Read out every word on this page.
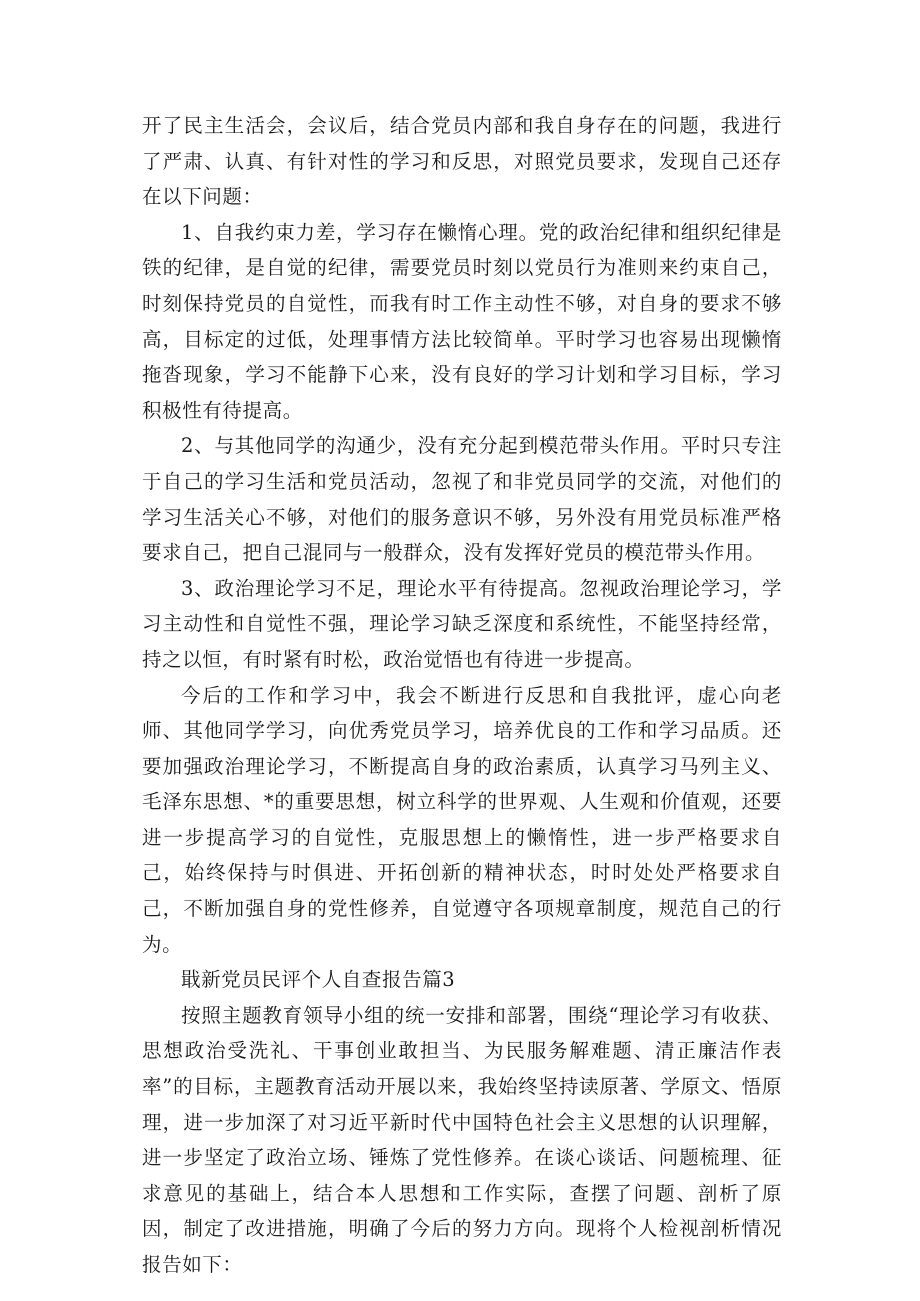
开了民主生活会，会议后，结合党员内部和我自身存在的问题，我进行了严肃、认真、有针对性的学习和反思，对照党员要求，发现自己还存在以下问题：

1、自我约束力差，学习存在懒惰心理。党的政治纪律和组织纪律是铁的纪律，是自觉的纪律，需要党员时刻以党员行为准则来约束自己，时刻保持党员的自觉性，而我有时工作主动性不够，对自身的要求不够高，目标定的过低，处理事情方法比较简单。平时学习也容易出现懒惰拖沓现象，学习不能静下心来，没有良好的学习计划和学习目标，学习积极性有待提高。

2、与其他同学的沟通少，没有充分起到模范带头作用。平时只专注于自己的学习生活和党员活动，忽视了和非党员同学的交流，对他们的学习生活关心不够，对他们的服务意识不够，另外没有用党员标准严格要求自己，把自己混同与一般群众，没有发挥好党员的模范带头作用。

3、政治理论学习不足，理论水平有待提高。忽视政治理论学习，学习主动性和自觉性不强，理论学习缺乏深度和系统性，不能坚持经常，持之以恒，有时紧有时松，政治觉悟也有待进一步提高。

今后的工作和学习中，我会不断进行反思和自我批评，虚心向老师、其他同学学习，向优秀党员学习，培养优良的工作和学习品质。还要加强政治理论学习，不断提高自身的政治素质，认真学习马列主义、毛泽东思想、*的重要思想，树立科学的世界观、人生观和价值观，还要进一步提高学习的自觉性，克服思想上的懒惰性，进一步严格要求自己，始终保持与时俱进、开拓创新的精神状态，时时处处严格要求自己，不断加强自身的党性修养，自觉遵守各项规章制度，规范自己的行为。

戢新党员民评个人自查报告篇3

按照主题教育领导小组的统一安排和部署，围绕“理论学习有收获、思想政治受洗礼、干事创业敢担当、为民服务解难题、清正廉洁作表率”的目标，主题教育活动开展以来，我始终坚持读原著、学原文、悟原理，进一步加深了对习近平新时代中国特色社会主义思想的认识理解，进一步坚定了政治立场、锤炼了党性修养。在谈心谈话、问题梳理、征求意见的基础上，结合本人思想和工作实际，查摆了问题、剖析了原因，制定了改进措施，明确了今后的努力方向。现将个人检视剖析情况报告如下：
